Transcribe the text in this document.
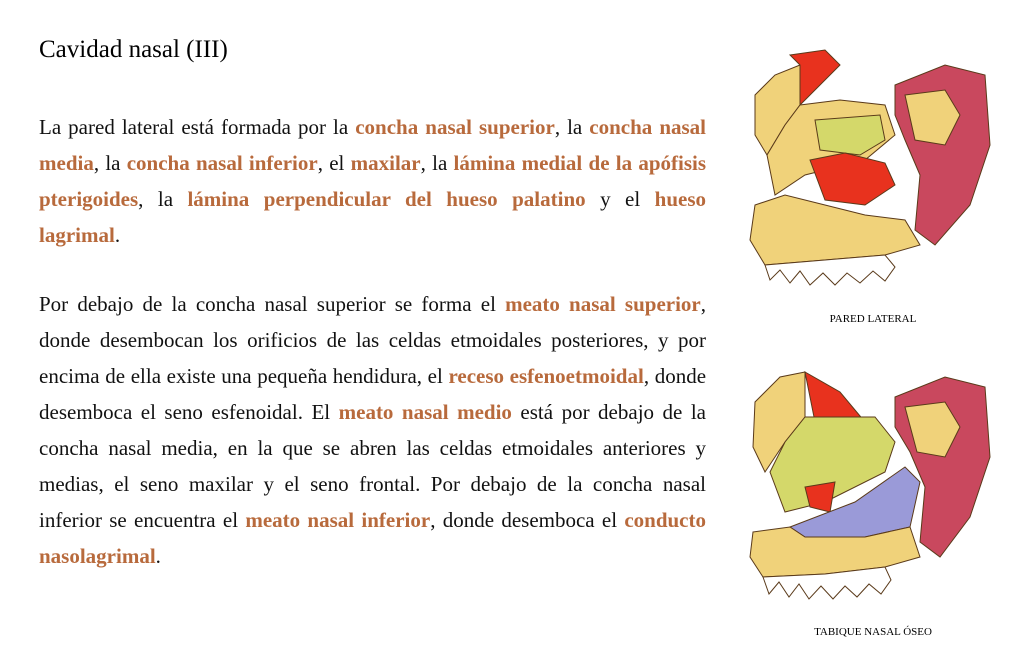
Cavidad nasal (III)

La pared lateral está formada por la concha nasal superior, la concha nasal media, la concha nasal inferior, el maxilar, la lámina medial de la apófisis pterigoides, la lámina perpendicular del hueso palatino y el hueso lagrimal.

Por debajo de la concha nasal superior se forma el meato nasal superior, donde desembocan los orificios de las celdas etmoidales posteriores, y por encima de ella existe una pequeña hendidura, el receso esfenoetmoidal, donde desemboca el seno esfenoidal. El meato nasal medio está por debajo de la concha nasal media, en la que se abren las celdas etmoidales anteriores y medias, el seno maxilar y el seno frontal. Por debajo de la concha nasal inferior se encuentra el meato nasal inferior, donde desemboca el conducto nasolagrimal.

PARED LATERAL
TABIQUE NASAL ÓSEO
